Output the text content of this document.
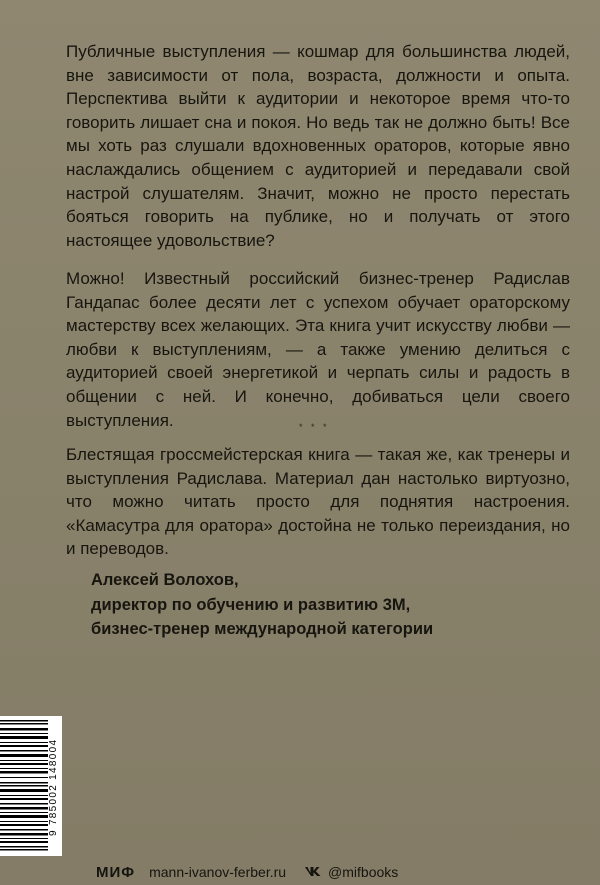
Публичные выступления — кошмар для большинства людей, вне зависимости от пола, возраста, должности и опыта. Перспектива выйти к аудитории и некоторое время что-то говорить лишает сна и покоя. Но ведь так не должно быть! Все мы хоть раз слушали вдохновенных ораторов, которые явно наслаждались общением с аудиторией и передавали свой настрой слушателям. Значит, можно не просто перестать бояться говорить на публике, но и получать от этого настоящее удовольствие?

Можно! Известный российский бизнес-тренер Радислав Гандапас более десяти лет с успехом обучает ораторскому мастерству всех желающих. Эта книга учит искусству любви — любви к выступлениям, — а также умению делиться с аудиторией своей энергетикой и черпать силы и радость в общении с ней. И конечно, добиваться цели своего выступления.	* * *

Блестящая гроссмейстерская книга — такая же, как тренеры и выступления Радислава. Материал дан настолько виртуозно, что можно читать просто для поднятия настроения. «Камасутра для оратора» достойна не только переиздания, но и переводов.

Алексей Волохов,
директор по обучению и развитию 3M,
бизнес-тренер международной категории
9 785002 148004
МИФ mann-ivanov-ferber.ru	@mifbooks
